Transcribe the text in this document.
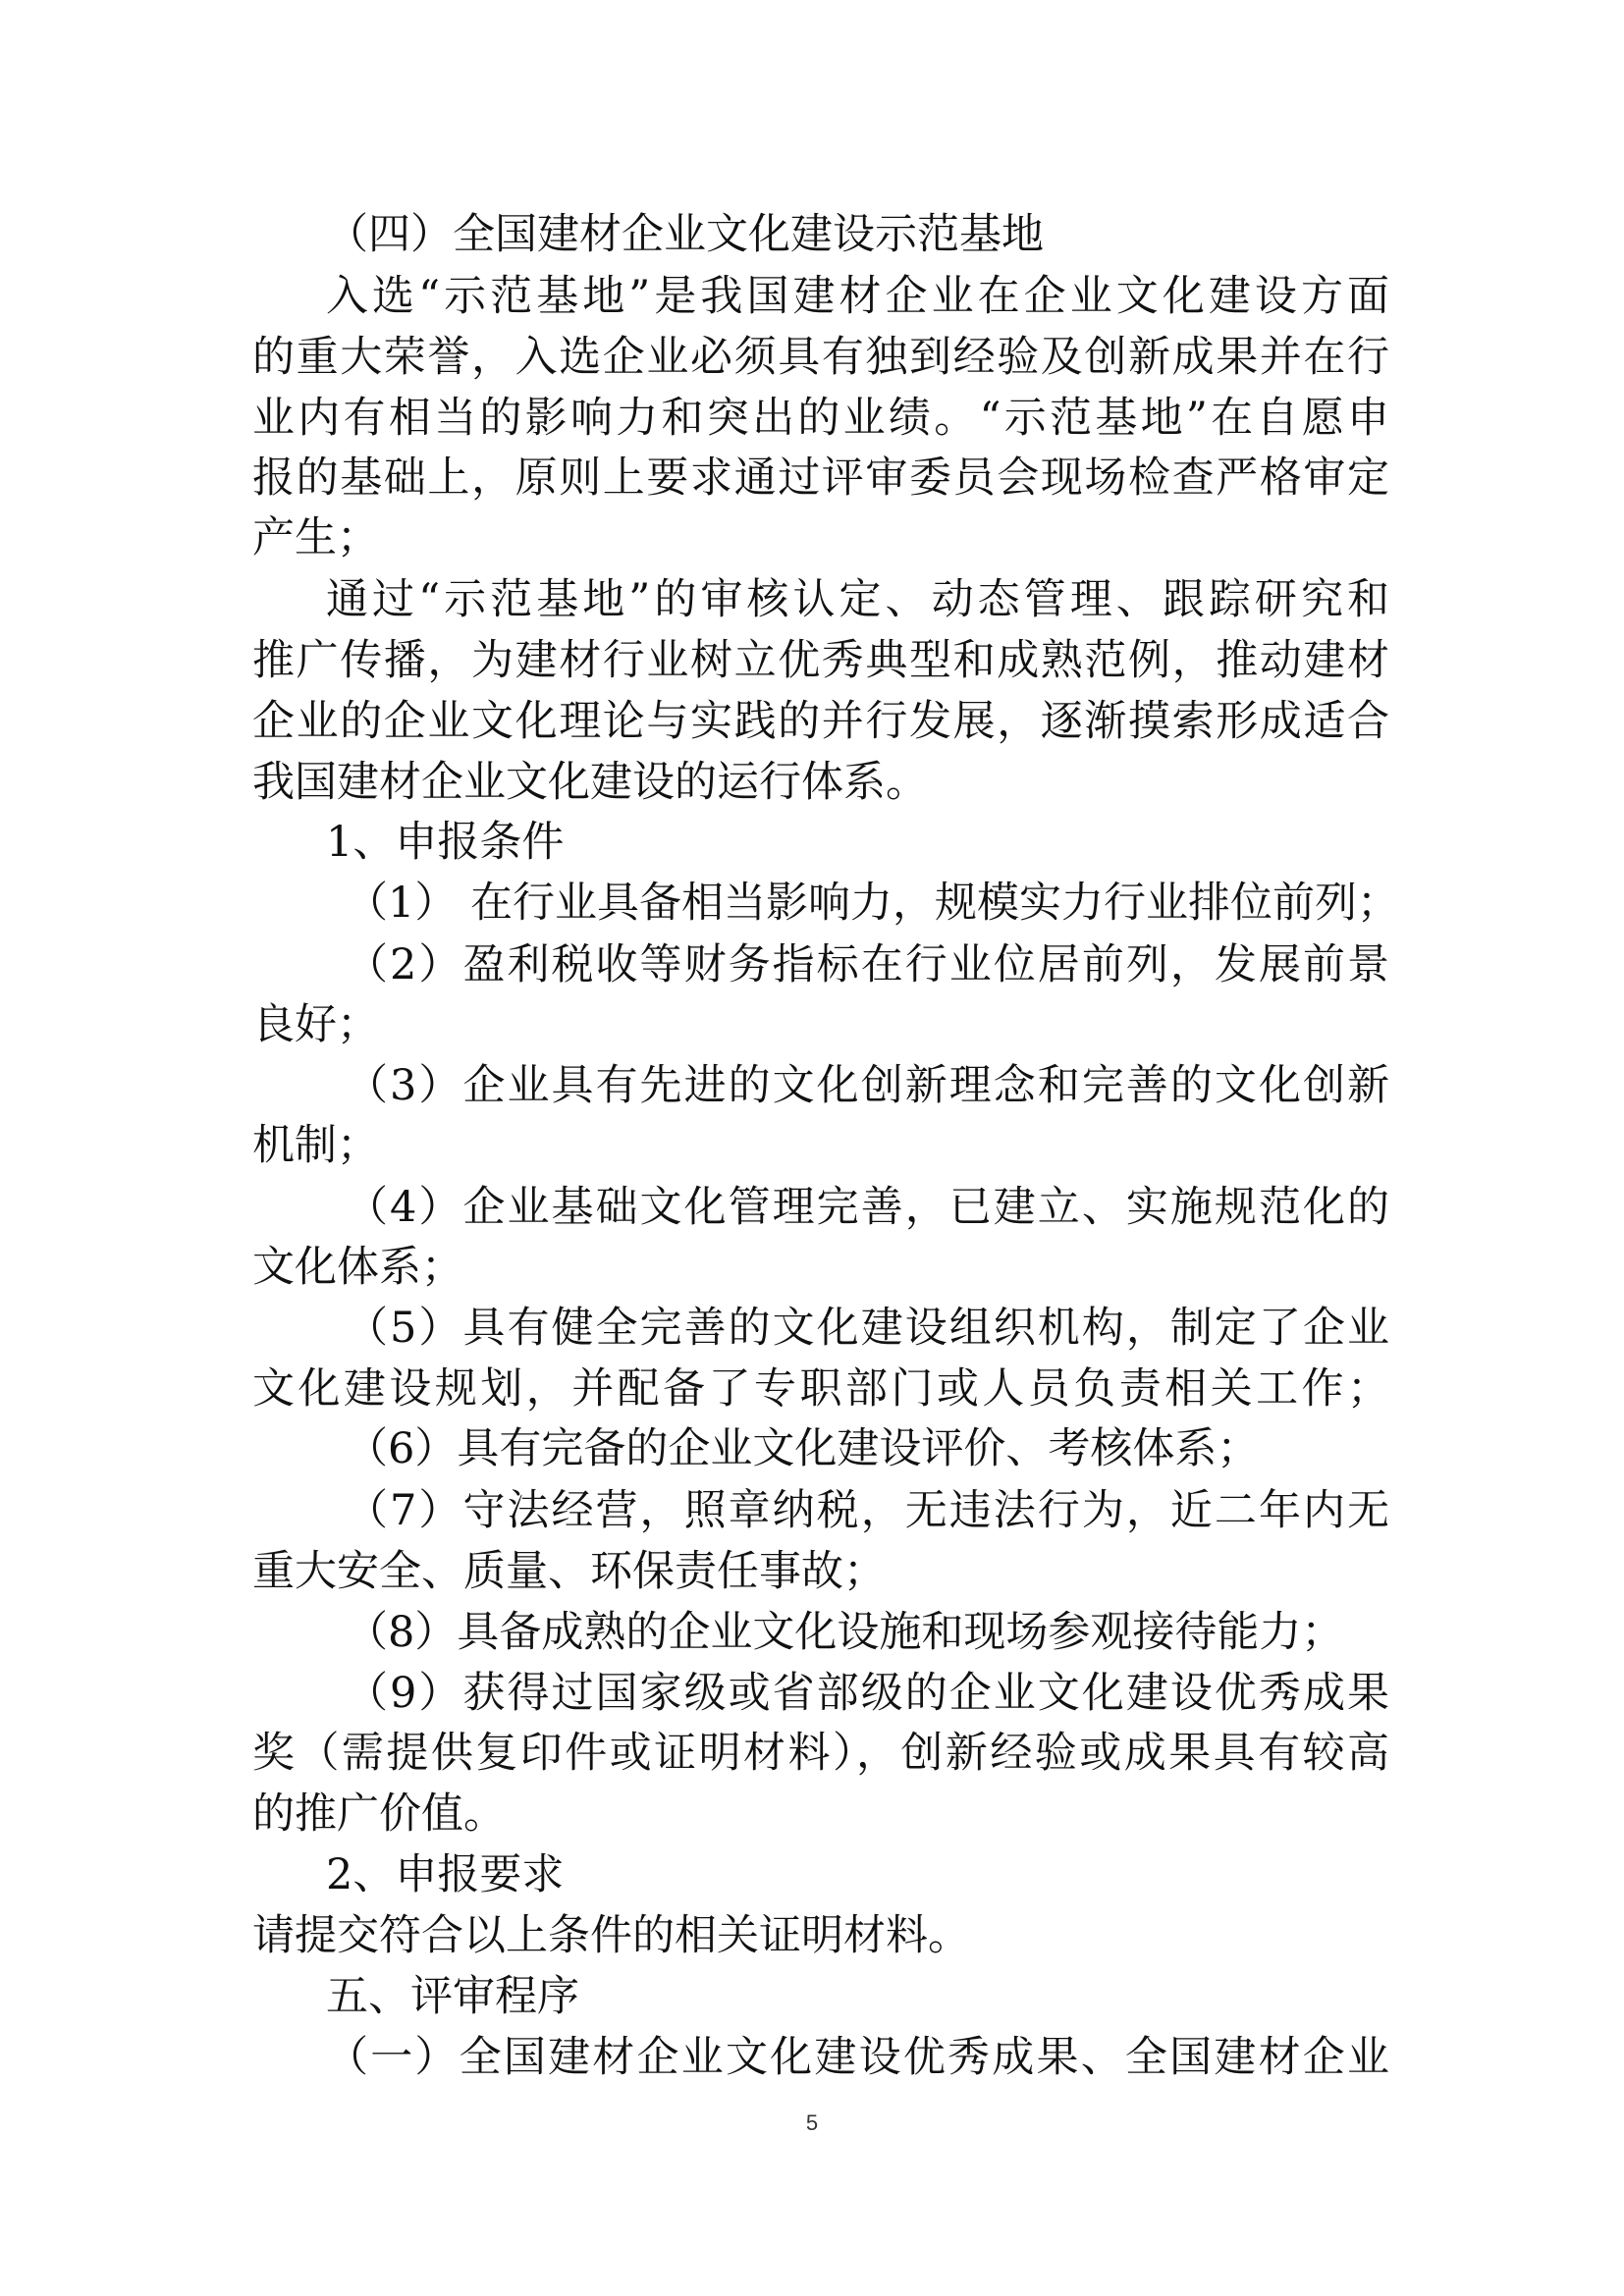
（四）全国建材企业文化建设示范基地
入选“示范基地”是我国建材企业在企业文化建设方面
的重大荣誉，入选企业必须具有独到经验及创新成果并在行
业内有相当的影响力和突出的业绩。“示范基地”在自愿申
报的基础上，原则上要求通过评审委员会现场检查严格审定
产生；
通过“示范基地”的审核认定、动态管理、跟踪研究和
推广传播，为建材行业树立优秀典型和成熟范例，推动建材
企业的企业文化理论与实践的并行发展，逐渐摸索形成适合
我国建材企业文化建设的运行体系。
1、申报条件
（1） 在行业具备相当影响力，规模实力行业排位前列；
（2）盈利税收等财务指标在行业位居前列，发展前景
良好；
（3）企业具有先进的文化创新理念和完善的文化创新
机制；
（4）企业基础文化管理完善，已建立、实施规范化的
文化体系；
（5）具有健全完善的文化建设组织机构，制定了企业
文化建设规划，并配备了专职部门或人员负责相关工作；
（6）具有完备的企业文化建设评价、考核体系；
（7）守法经营，照章纳税，无违法行为，近二年内无
重大安全、质量、环保责任事故；
（8）具备成熟的企业文化设施和现场参观接待能力；
（9）获得过国家级或省部级的企业文化建设优秀成果
奖（需提供复印件或证明材料），创新经验或成果具有较高
的推广价值。
2、申报要求
请提交符合以上条件的相关证明材料。
五、评审程序
（一）全国建材企业文化建设优秀成果、全国建材企业
5
